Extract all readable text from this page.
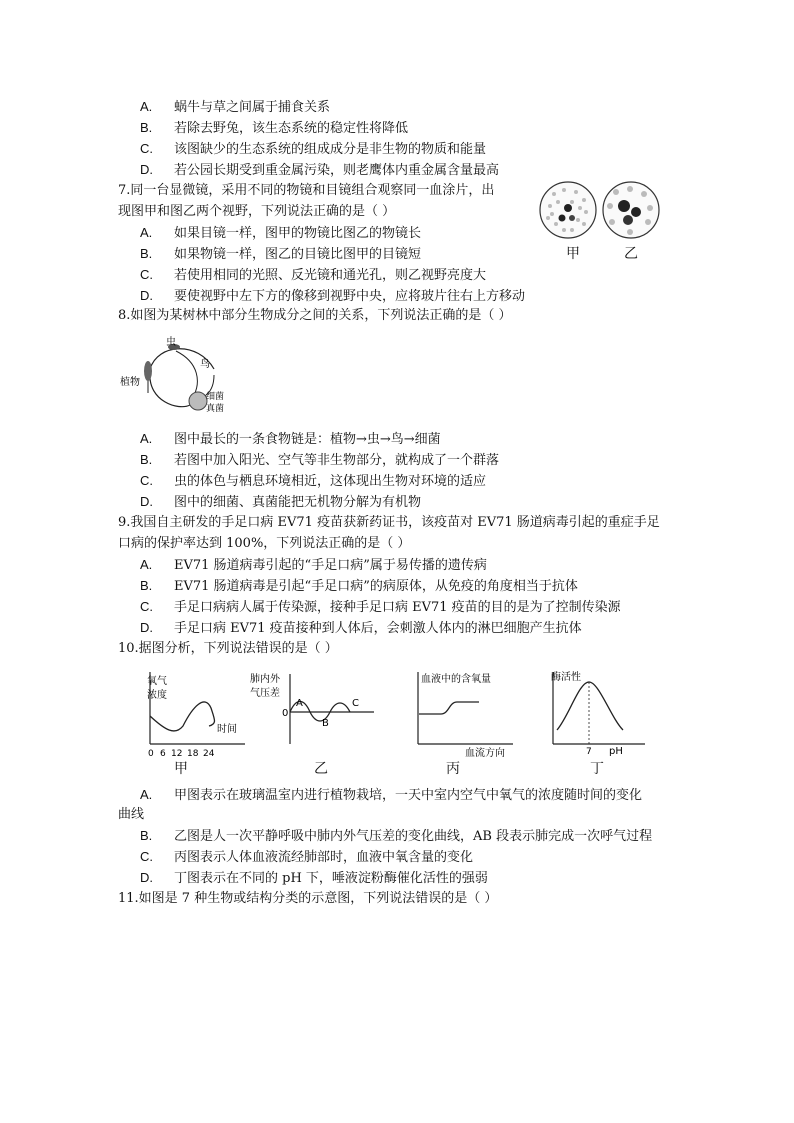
A. 蜗牛与草之间属于捕食关系
B. 若除去野兔，该生态系统的稳定性将降低
C. 该图缺少的生态系统的组成成分是非生物的物质和能量
D. 若公园长期受到重金属污染，则老鹰体内重金属含量最高
7.同一台显微镜，采用不同的物镜和目镜组合观察同一血涂片，出
现图甲和图乙两个视野，下列说法正确的是（ ）
A. 如果目镜一样，图甲的物镜比图乙的物镜长
B. 如果物镜一样，图乙的目镜比图甲的目镜短
C. 若使用相同的光照、反光镜和通光孔，则乙视野亮度大
D. 要使视野中左下方的像移到视野中央，应将玻片往右上方移动
甲	乙
8.如图为某树林中部分生物成分之间的关系，下列说法正确的是（ ）
虫
鸟
植物
细菌
真菌
A. 图中最长的一条食物链是：植物→虫→鸟→细菌
B. 若图中加入阳光、空气等非生物部分，就构成了一个群落
C. 虫的体色与栖息环境相近，这体现出生物对环境的适应
D. 图中的细菌、真菌能把无机物分解为有机物
9.我国自主研发的手足口病 EV71 疫苗获新药证书，该疫苗对 EV71 肠道病毒引起的重症手足
口病的保护率达到 100%，下列说法正确的是（ ）
A. EV71 肠道病毒引起的“手足口病”属于易传播的遗传病
B. EV71 肠道病毒是引起“手足口病”的病原体，从免疫的角度相当于抗体
C. 手足口病病人属于传染源，接种手足口病 EV71 疫苗的目的是为了控制传染源
D. 手足口病 EV71 疫苗接种到人体后，会刺激人体内的淋巴细胞产生抗体
10.据图分析，下列说法错误的是（ ）
氧气
浓度
时间
0 6 12 18 24
甲
肺内外
气压差
0
A
B
C
乙
血液中的含氧量
血流方向
丙
酶活性
7 pH
丁
A. 甲图表示在玻璃温室内进行植物栽培，一天中室内空气中氧气的浓度随时间的变化
曲线
B. 乙图是人一次平静呼吸中肺内外气压差的变化曲线，AB 段表示肺完成一次呼气过程
C. 丙图表示人体血液流经肺部时，血液中氧含量的变化
D. 丁图表示在不同的 pH 下，唾液淀粉酶催化活性的强弱
11.如图是 7 种生物或结构分类的示意图，下列说法错误的是（ ）
